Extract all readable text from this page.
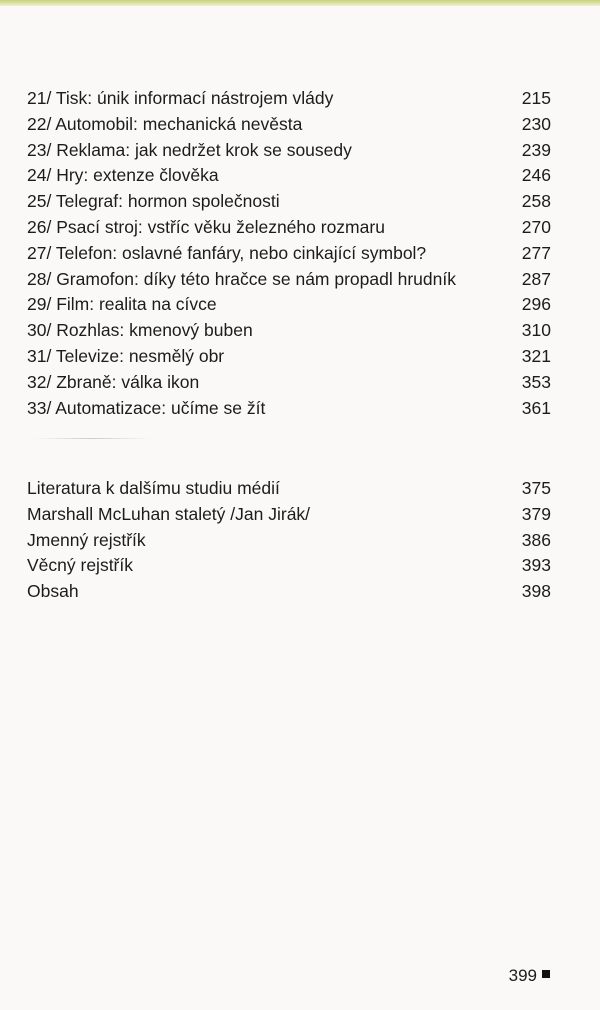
21/ Tisk: únik informací nástrojem vlády	215
22/ Automobil: mechanická nevěsta	230
23/ Reklama: jak nedržet krok se sousedy	239
24/ Hry: extenze člověka	246
25/ Telegraf: hormon společnosti	258
26/ Psací stroj: vstříc věku železného rozmaru	270
27/ Telefon: oslavné fanfáry, nebo cinkající symbol?	277
28/ Gramofon: díky této hračce se nám propadl hrudník	287
29/ Film: realita na cívce	296
30/ Rozhlas: kmenový buben	310
31/ Televize: nesmělý obr	321
32/ Zbraně: válka ikon	353
33/ Automatizace: učíme se žít	361
Literatura k dalšímu studiu médií	375
Marshall McLuhan staletý /Jan Jirák/	379
Jmenný rejstřík	386
Věcný rejstřík	393
Obsah	398
399
